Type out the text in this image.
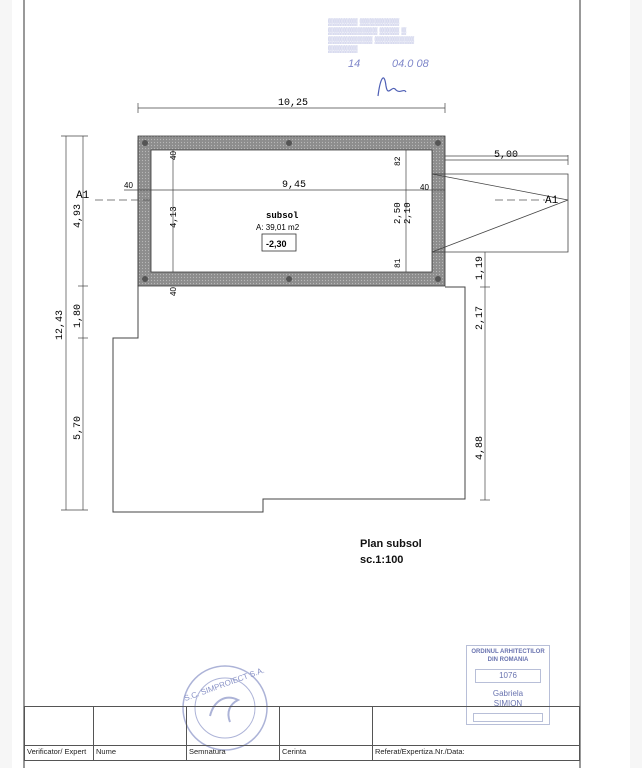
A1	A1
10,25
5,00
12,43
4,93
1,80
5,70
1,19
2,17
4,88
9,45
40	40
40
40
4,13
82
2,50 2,10
81
subsol
A: 39,01 m2
-2,30
S.C. SIMPROIECT S.A.
▒▒▒▒▒▒ ▒▒▒▒▒▒▒▒
▒▒▒▒▒▒▒▒▒▒ ▒▒▒▒ ▒
▒▒▒▒▒▒▒▒▒ ▒▒▒▒▒▒▒▒
▒▒▒▒▒▒
14	04.0 08
Plan subsol
sc.1:100
ORDINUL ARHITECTILOR DIN ROMANIA
1076
Gabriela
SIMION

Verificator/ Expert	Nume	Semnatura	Cerinta	Referat/Expertiza.Nr./Data:
